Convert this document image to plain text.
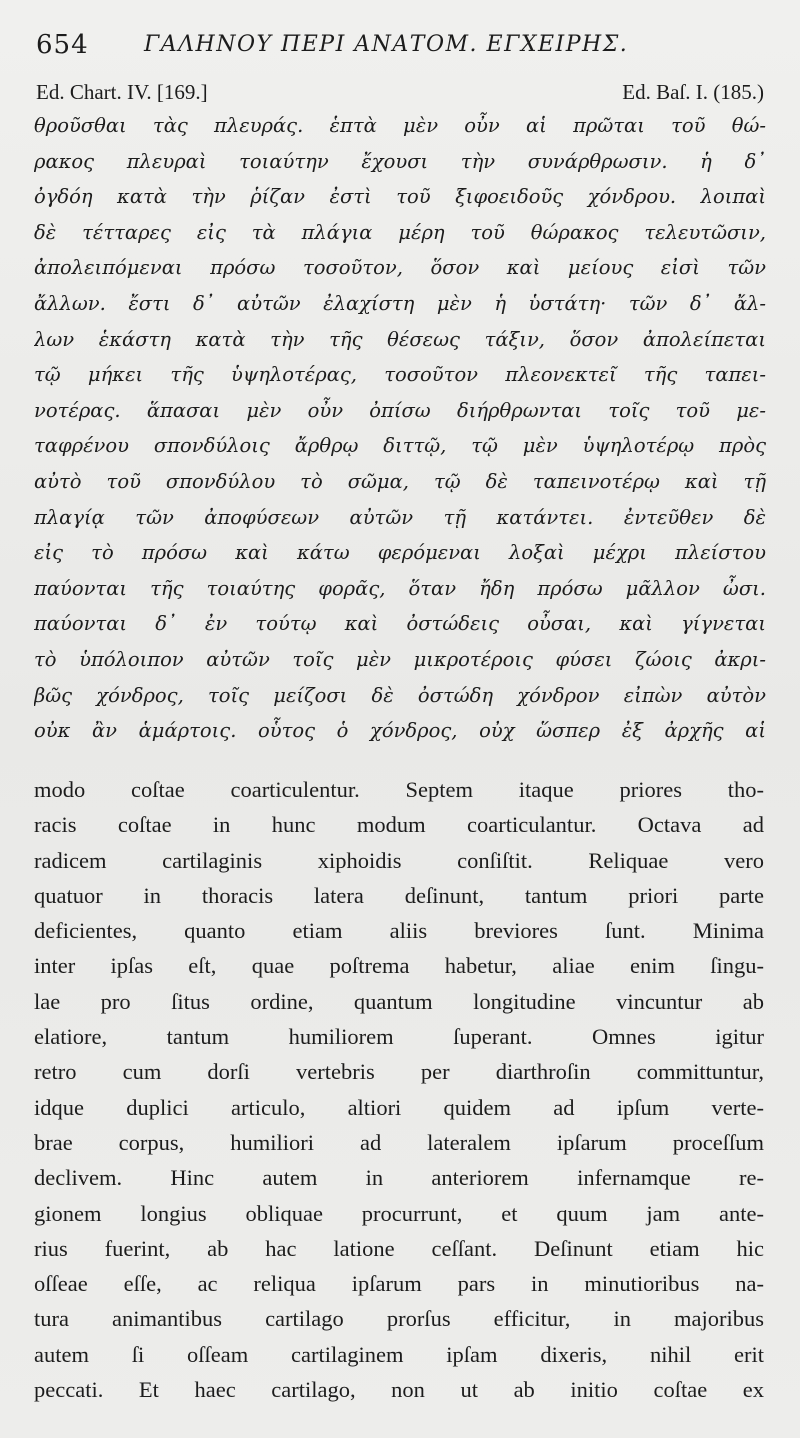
654	ΓΑΛΗΝΟΥ ΠΕΡΙ ΑΝΑΤΟΜ. ΕΓΧΕΙΡΗΣ.
Ed. Chart. IV. [169.]	Ed. Baſ. I. (185.)
θροῦσθαι τὰς πλευράς. ἑπτὰ μὲν οὖν αἱ πρῶται τοῦ θώ-
ρακος πλευραὶ τοιαύτην ἔχουσι τὴν συνάρθρωσιν. ἡ δ᾽
ὀγδόη κατὰ τὴν ῥίζαν ἐστὶ τοῦ ξιφοειδοῦς χόνδρου. λοιπαὶ
δὲ τέτταρες εἰς τὰ πλάγια μέρη τοῦ θώρακος τελευτῶσιν,
ἀπολειπόμεναι πρόσω τοσοῦτον, ὅσον καὶ μείους εἰσὶ τῶν
ἄλλων. ἔστι δ᾽ αὐτῶν ἐλαχίστη μὲν ἡ ὑστάτη· τῶν δ᾽ ἄλ-
λων ἑκάστη κατὰ τὴν τῆς θέσεως τάξιν, ὅσον ἀπολείπεται
τῷ μήκει τῆς ὑψηλοτέρας, τοσοῦτον πλεονεκτεῖ τῆς ταπει-
νοτέρας. ἅπασαι μὲν οὖν ὀπίσω διήρθρωνται τοῖς τοῦ με-
ταφρένου σπονδύλοις ἄρθρῳ διττῷ, τῷ μὲν ὑψηλοτέρῳ πρὸς
αὐτὸ τοῦ σπονδύλου τὸ σῶμα, τῷ δὲ ταπεινοτέρῳ καὶ τῇ
πλαγίᾳ τῶν ἀποφύσεων αὐτῶν τῇ κατάντει. ἐντεῦθεν δὲ
εἰς τὸ πρόσω καὶ κάτω φερόμεναι λοξαὶ μέχρι πλείστου
παύονται τῆς τοιαύτης φορᾶς, ὅταν ἤδη πρόσω μᾶλλον ὦσι.
παύονται δ᾽ ἐν τούτῳ καὶ ὀστώδεις οὖσαι, καὶ γίγνεται
τὸ ὑπόλοιπον αὐτῶν τοῖς μὲν μικροτέροις φύσει ζώοις ἀκρι-
βῶς χόνδρος, τοῖς μείζοσι δὲ ὀστώδη χόνδρον εἰπὼν αὐτὸν
οὐκ ἂν ἁμάρτοις. οὗτος ὁ χόνδρος, οὐχ ὥσπερ ἐξ ἀρχῆς αἱ
modo coſtae coarticulentur. Septem itaque priores tho-
racis coſtae in hunc modum coarticulantur. Octava ad
radicem cartilaginis xiphoidis conſiſtit. Reliquae vero
quatuor in thoracis latera deſinunt, tantum priori parte
deficientes, quanto etiam aliis breviores ſunt. Minima
inter ipſas eſt, quae poſtrema habetur, aliae enim ſingu-
lae pro ſitus ordine, quantum longitudine vincuntur ab
elatiore, tantum humiliorem ſuperant. Omnes igitur
retro cum dorſi vertebris per diarthroſin committuntur,
idque duplici articulo, altiori quidem ad ipſum verte-
brae corpus, humiliori ad lateralem ipſarum proceſſum
declivem. Hinc autem in anteriorem infernamque re-
gionem longius obliquae procurrunt, et quum jam ante-
rius fuerint, ab hac latione ceſſant. Deſinunt etiam hic
oſſeae eſſe, ac reliqua ipſarum pars in minutioribus na-
tura animantibus cartilago prorſus efficitur, in majoribus
autem ſi oſſeam cartilaginem ipſam dixeris, nihil erit
peccati. Et haec cartilago, non ut ab initio coſtae ex
